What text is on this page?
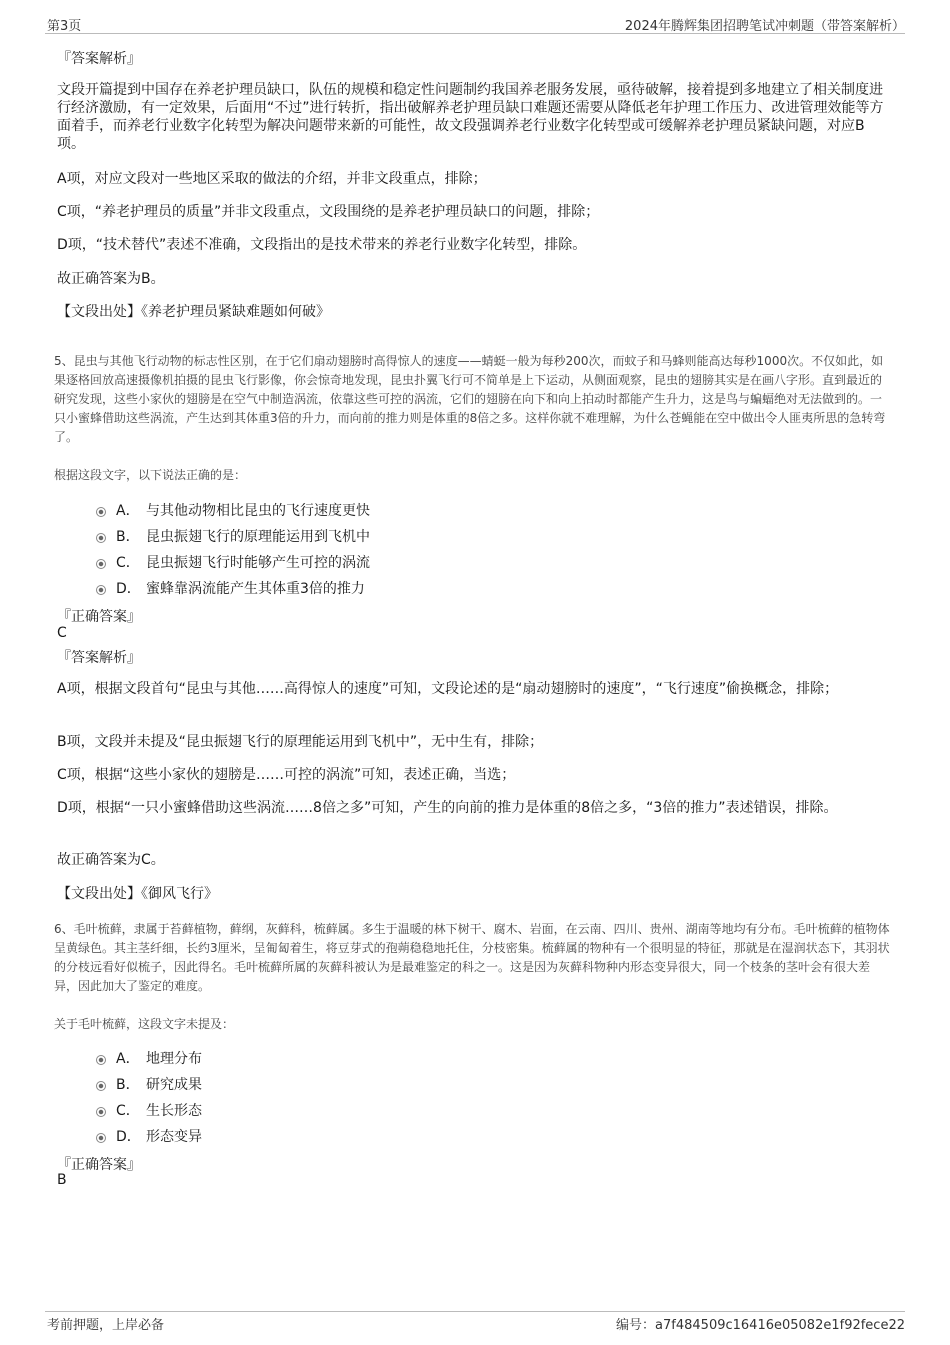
第3页	2024年腾辉集团招聘笔试冲刺题（带答案解析）
『答案解析』
文段开篇提到中国存在养老护理员缺口，队伍的规模和稳定性问题制约我国养老服务发展，亟待破解，接着提到多地建立了相关制度进行经济激励，有一定效果，后面用“不过”进行转折，指出破解养老护理员缺口难题还需要从降低老年护理工作压力、改进管理效能等方面着手，而养老行业数字化转型为解决问题带来新的可能性，故文段强调养老行业数字化转型或可缓解养老护理员紧缺问题，对应B项。
A项，对应文段对一些地区采取的做法的介绍，并非文段重点，排除；
C项，“养老护理员的质量”并非文段重点，文段围绕的是养老护理员缺口的问题，排除；
D项，“技术替代”表述不准确，文段指出的是技术带来的养老行业数字化转型，排除。
故正确答案为B。
【文段出处】《养老护理员紧缺难题如何破》
5、昆虫与其他飞行动物的标志性区别，在于它们扇动翅膀时高得惊人的速度——蜻蜓一般为每秒200次，而蚊子和马蜂则能高达每秒1000次。不仅如此，如果逐格回放高速摄像机拍摄的昆虫飞行影像，你会惊奇地发现，昆虫扑翼飞行可不简单是上下运动，从侧面观察，昆虫的翅膀其实是在画八字形。直到最近的研究发现，这些小家伙的翅膀是在空气中制造涡流，依靠这些可控的涡流，它们的翅膀在向下和向上拍动时都能产生升力，这是鸟与蝙蝠绝对无法做到的。一只小蜜蜂借助这些涡流，产生达到其体重3倍的升力，而向前的推力则是体重的8倍之多。这样你就不难理解，为什么苍蝇能在空中做出令人匪夷所思的急转弯了。
根据这段文字，以下说法正确的是：
A． 与其他动物相比昆虫的飞行速度更快
B． 昆虫振翅飞行的原理能运用到飞机中
C． 昆虫振翅飞行时能够产生可控的涡流
D． 蜜蜂靠涡流能产生其体重3倍的推力
『正确答案』
C
『答案解析』
A项，根据文段首句“昆虫与其他……高得惊人的速度”可知，文段论述的是“扇动翅膀时的速度”，“飞行速度”偷换概念，排除；
B项，文段并未提及“昆虫振翅飞行的原理能运用到飞机中”，无中生有，排除；
C项，根据“这些小家伙的翅膀是……可控的涡流”可知，表述正确，当选；
D项，根据“一只小蜜蜂借助这些涡流……8倍之多”可知，产生的向前的推力是体重的8倍之多，“3倍的推力”表述错误，排除。
故正确答案为C。
【文段出处】《御风飞行》
6、毛叶梳藓，隶属于苔藓植物，藓纲，灰藓科，梳藓属。多生于温暖的林下树干、腐木、岩面，在云南、四川、贵州、湖南等地均有分布。毛叶梳藓的植物体呈黄绿色。其主茎纤细，长约3厘米，呈匍匐着生，将豆芽式的孢蒴稳稳地托住，分枝密集。梳藓属的物种有一个很明显的特征，那就是在湿润状态下，其羽状的分枝远看好似梳子，因此得名。毛叶梳藓所属的灰藓科被认为是最难鉴定的科之一。这是因为灰藓科物种内形态变异很大，同一个枝条的茎叶会有很大差异，因此加大了鉴定的难度。
关于毛叶梳藓，这段文字未提及：
A． 地理分布
B． 研究成果
C． 生长形态
D． 形态变异
『正确答案』
B
考前押题，上岸必备	编号：a7f484509c16416e05082e1f92fece22
